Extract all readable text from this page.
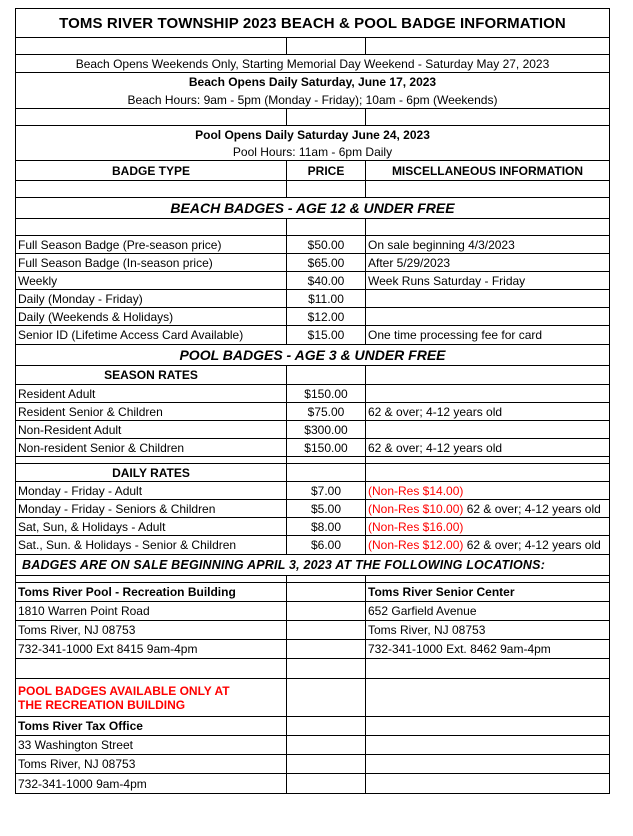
TOMS RIVER TOWNSHIP 2023 BEACH & POOL BADGE INFORMATION
Beach Opens Weekends Only, Starting Memorial Day Weekend - Saturday May 27, 2023
Beach Opens Daily Saturday, June 17, 2023
Beach Hours: 9am - 5pm (Monday - Friday); 10am - 6pm (Weekends)
Pool Opens Daily Saturday June 24, 2023
Pool Hours: 11am - 6pm Daily
BADGE TYPE	PRICE	MISCELLANEOUS INFORMATION
BEACH BADGES - AGE 12 & UNDER FREE
Full Season Badge (Pre-season price)	$50.00	On sale beginning 4/3/2023
Full Season Badge (In-season price)	$65.00	After 5/29/2023
Weekly	$40.00	Week Runs Saturday - Friday
Daily (Monday - Friday)	$11.00
Daily (Weekends & Holidays)	$12.00
Senior ID (Lifetime Access Card Available)	$15.00	One time processing fee for card
POOL BADGES - AGE 3 & UNDER FREE
SEASON RATES
Resident Adult	$150.00
Resident Senior & Children	$75.00	62 & over; 4-12 years old
Non-Resident Adult	$300.00
Non-resident Senior & Children	$150.00	62 & over; 4-12 years old
DAILY RATES
Monday - Friday - Adult	$7.00	(Non-Res $14.00)
Monday - Friday - Seniors & Children	$5.00	(Non-Res $10.00) 62 & over; 4-12 years old
Sat, Sun, & Holidays - Adult	$8.00	(Non-Res $16.00)
Sat., Sun. & Holidays - Senior & Children	$6.00	(Non-Res $12.00) 62 & over; 4-12 years old
BADGES ARE ON SALE BEGINNING APRIL 3, 2023 AT THE FOLLOWING LOCATIONS:
Toms River Pool - Recreation Building	Toms River Senior Center
1810 Warren Point Road	652 Garfield Avenue
Toms River, NJ 08753	Toms River, NJ 08753
732-341-1000 Ext 8415 9am-4pm	732-341-1000 Ext. 8462 9am-4pm
POOL BADGES AVAILABLE ONLY AT THE RECREATION BUILDING
Toms River Tax Office
33 Washington Street
Toms River, NJ 08753
732-341-1000 9am-4pm
